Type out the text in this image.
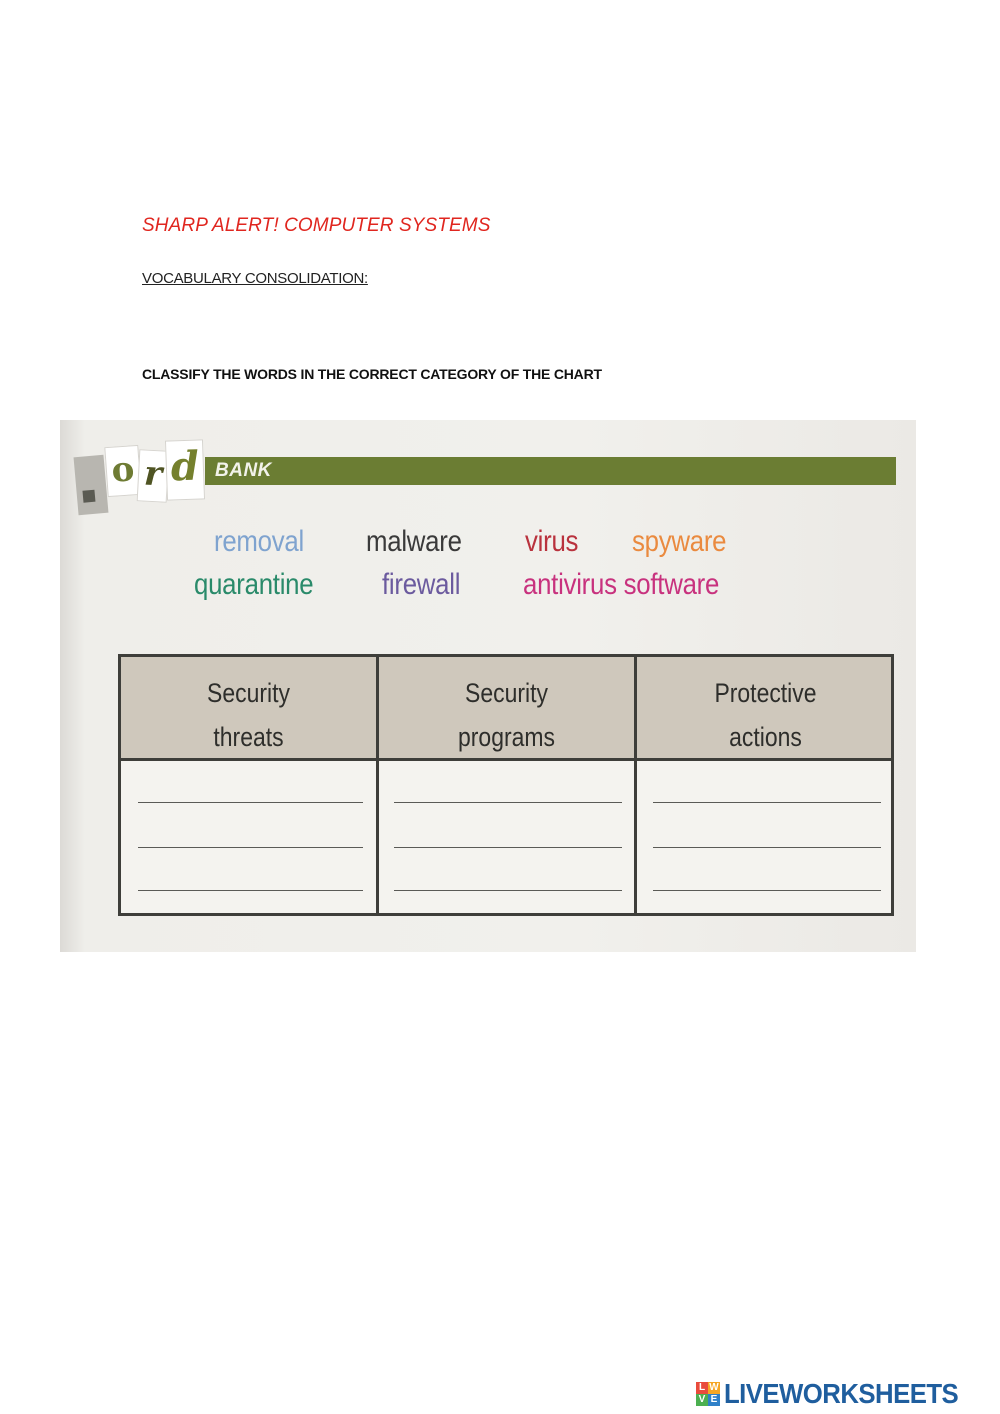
SHARP ALERT! COMPUTER SYSTEMS
VOCABULARY CONSOLIDATION:
CLASSIFY THE WORDS IN THE CORRECT CATEGORY OF THE CHART
o r d BANK
removal malware virus spyware
quarantine firewall antivirus software
Security
threats
Security
programs
Protective
actions
L W
V E LIVEWORKSHEETS
